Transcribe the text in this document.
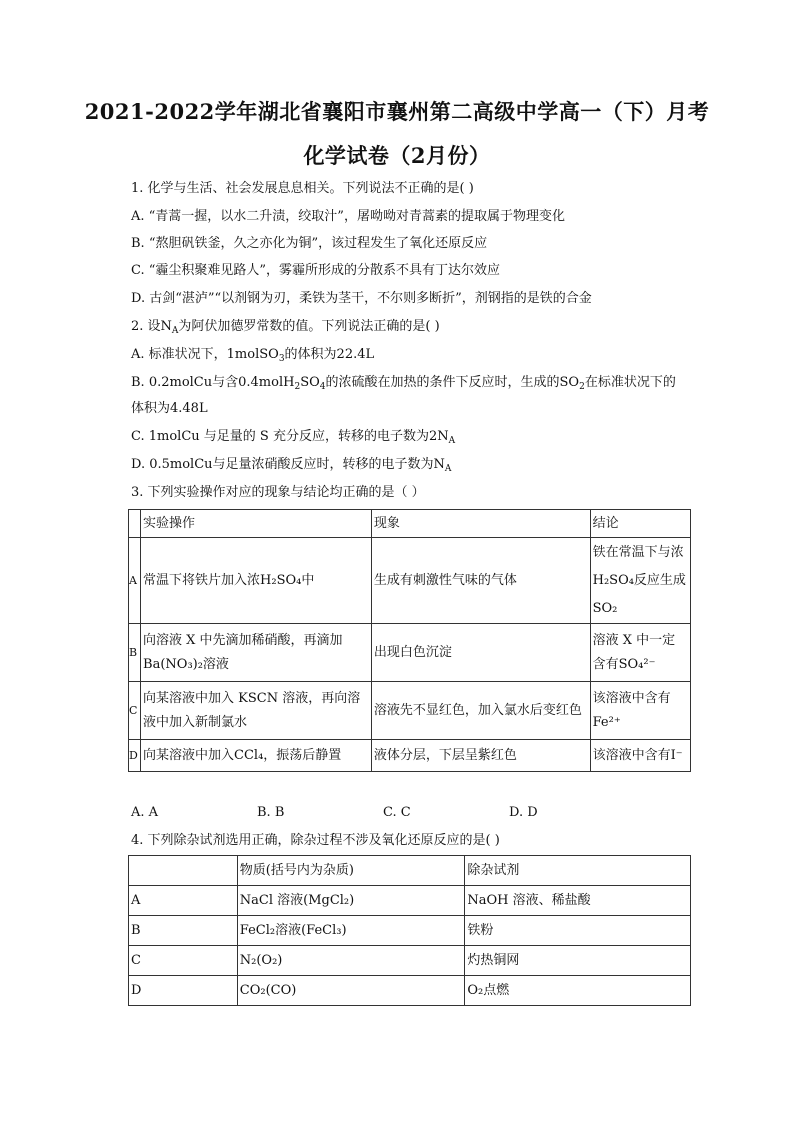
2021-2022学年湖北省襄阳市襄州第二高级中学高一（下）月考
化学试卷（2月份）
1. 化学与生活、社会发展息息相关。下列说法不正确的是( )
A. “青蒿一握，以水二升渍，绞取汁”，屠呦呦对青蒿素的提取属于物理变化
B. “熬胆矾铁釜，久之亦化为铜”，该过程发生了氧化还原反应
C. “霾尘积聚难见路人”，雾霾所形成的分散系不具有丁达尔效应
D. 古剑“湛泸”“以剂钢为刃，柔铁为茎干，不尔则多断折”，剂钢指的是铁的合金
2. 设$N_A$为阿伏加德罗常数的值。下列说法正确的是( )
A. 标准状况下，1molSO$_3$的体积为22.4L
B. 0.2molCu与含$0.4molH_2SO_4$的浓硫酸在加热的条件下反应时，生成的$SO_2$在标准状况下的
体积为4.48L
C. 1molCu 与足量的 S 充分反应，转移的电子数为$2N_A$
D. 0.5molCu与足量浓硝酸反应时，转移的电子数为$N_A$
3. 下列实验操作对应的现象与结论均正确的是（ ）
	实验操作	现象	结论
A	常温下将铁片加入浓H₂SO₄中	生成有刺激性气味的气体	铁在常温下与浓H₂SO₄反应生成SO₂
B	向溶液 X 中先滴加稀硝酸，再滴加Ba(NO₃)₂溶液	出现白色沉淀	溶液 X 中一定含有SO₄²⁻
C	向某溶液中加入 KSCN 溶液，再向溶液中加入新制氯水	溶液先不显红色，加入氯水后变红色	该溶液中含有Fe²⁺
D	向某溶液中加入CCl₄，振荡后静置	液体分层，下层呈紫红色	该溶液中含有I⁻
A. A	B. B	C. C	D. D
4. 下列除杂试剂选用正确，除杂过程不涉及氧化还原反应的是( )
	物质(括号内为杂质)	除杂试剂
A	NaCl 溶液(MgCl₂)	NaOH 溶液、稀盐酸
B	FeCl₂溶液(FeCl₃)	铁粉
C	N₂(O₂)	灼热铜网
D	CO₂(CO)	O₂点燃
